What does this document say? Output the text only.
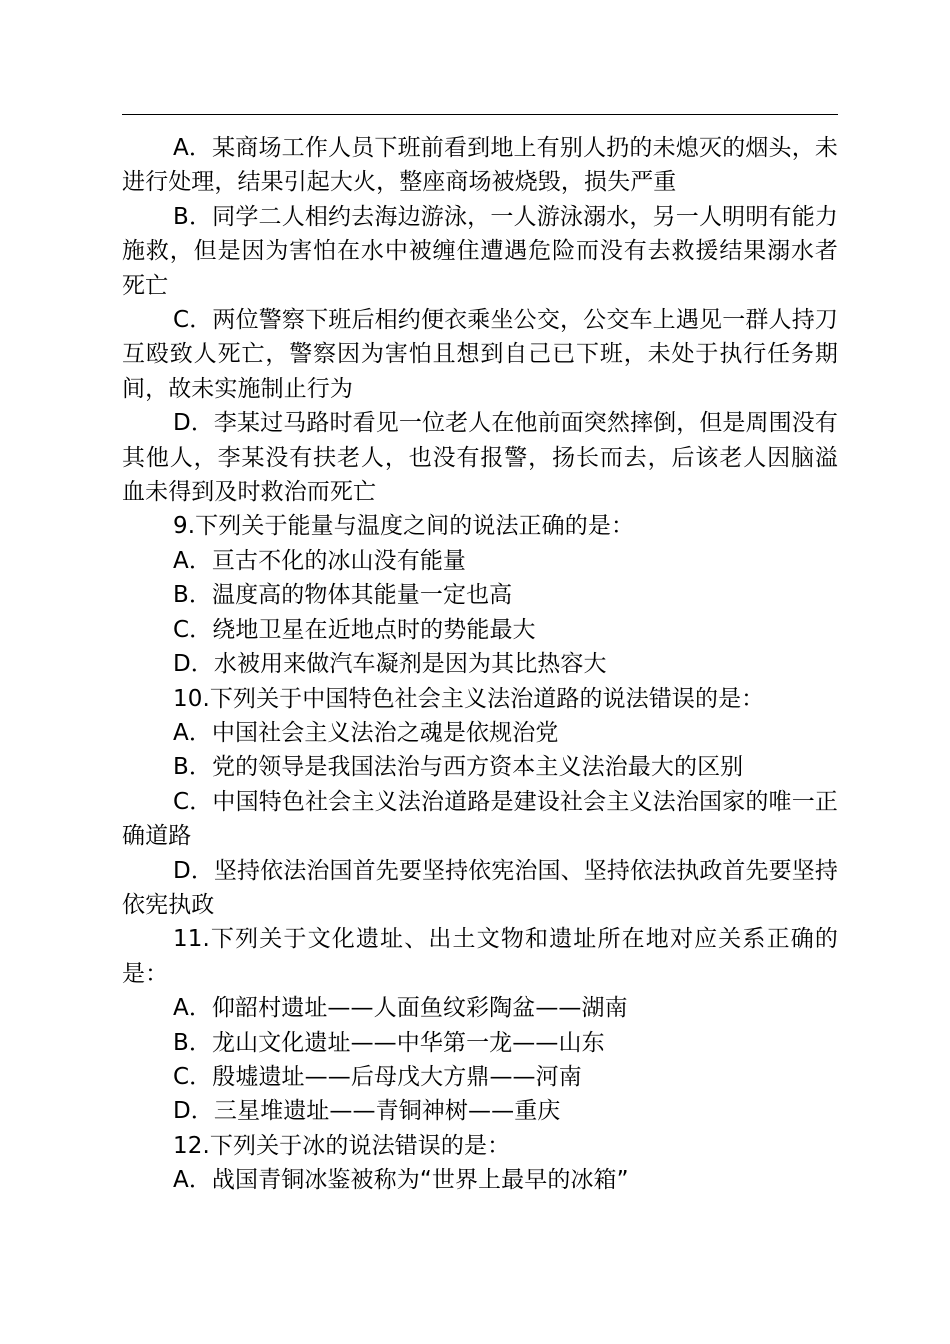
A．某商场工作人员下班前看到地上有别人扔的未熄灭的烟头，未进行处理，结果引起大火，整座商场被烧毁，损失严重

B．同学二人相约去海边游泳，一人游泳溺水，另一人明明有能力施救，但是因为害怕在水中被缠住遭遇危险而没有去救援结果溺水者死亡

C．两位警察下班后相约便衣乘坐公交，公交车上遇见一群人持刀互殴致人死亡，警察因为害怕且想到自己已下班，未处于执行任务期间，故未实施制止行为

D．李某过马路时看见一位老人在他前面突然摔倒，但是周围没有其他人，李某没有扶老人，也没有报警，扬长而去，后该老人因脑溢血未得到及时救治而死亡

9.下列关于能量与温度之间的说法正确的是：

A．亘古不化的冰山没有能量

B．温度高的物体其能量一定也高

C．绕地卫星在近地点时的势能最大

D．水被用来做汽车凝剂是因为其比热容大

10.下列关于中国特色社会主义法治道路的说法错误的是：

A．中国社会主义法治之魂是依规治党

B．党的领导是我国法治与西方资本主义法治最大的区别

C．中国特色社会主义法治道路是建设社会主义法治国家的唯一正确道路

D．坚持依法治国首先要坚持依宪治国、坚持依法执政首先要坚持依宪执政

11.下列关于文化遗址、出土文物和遗址所在地对应关系正确的是：

A．仰韶村遗址——人面鱼纹彩陶盆——湖南

B．龙山文化遗址——中华第一龙——山东

C．殷墟遗址——后母戊大方鼎——河南

D．三星堆遗址——青铜神树——重庆

12.下列关于冰的说法错误的是：

A．战国青铜冰鉴被称为“世界上最早的冰箱”
